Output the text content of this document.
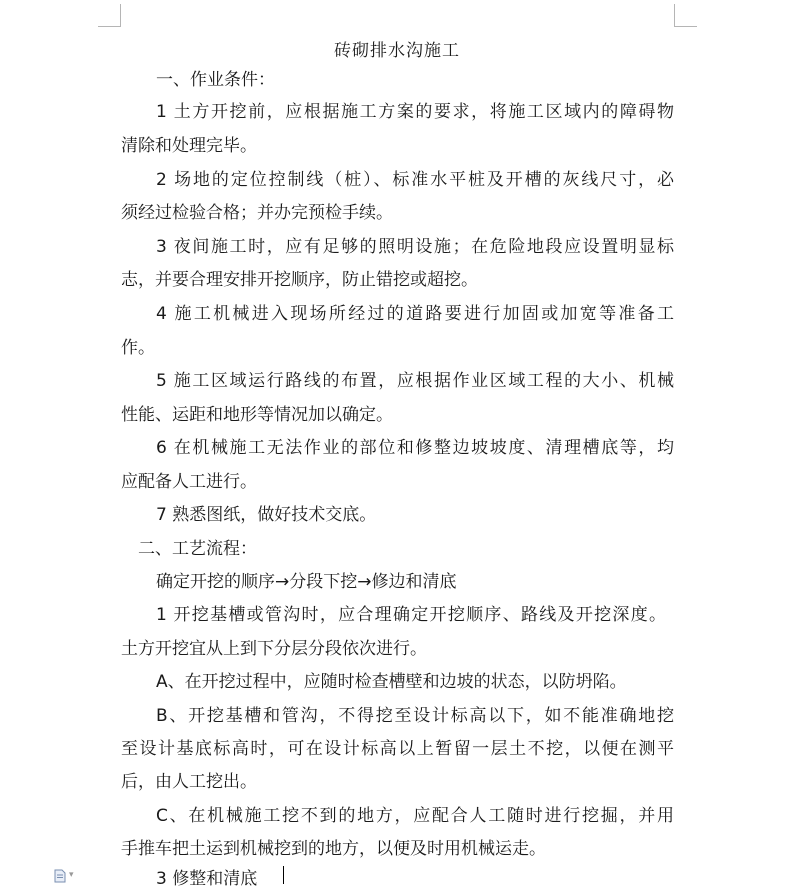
砖砌排水沟施工
一、作业条件：
1 土方开挖前，应根据施工方案的要求，将施工区域内的障碍物
清除和处理完毕。
2 场地的定位控制线（桩）、标准水平桩及开槽的灰线尺寸，必
须经过检验合格；并办完预检手续。
3 夜间施工时，应有足够的照明设施；在危险地段应设置明显标
志，并要合理安排开挖顺序，防止错挖或超挖。
4 施工机械进入现场所经过的道路要进行加固或加宽等准备工
作。
5 施工区域运行路线的布置，应根据作业区域工程的大小、机械
性能、运距和地形等情况加以确定。
6 在机械施工无法作业的部位和修整边坡坡度、清理槽底等，均
应配备人工进行。
7 熟悉图纸，做好技术交底。
二、工艺流程：
确定开挖的顺序→分段下挖→修边和清底
1 开挖基槽或管沟时，应合理确定开挖顺序、路线及开挖深度。
土方开挖宜从上到下分层分段依次进行。
A、在开挖过程中，应随时检查槽壁和边坡的状态，以防坍陷。
B、开挖基槽和管沟，不得挖至设计标高以下，如不能准确地挖
至设计基底标高时，可在设计标高以上暂留一层土不挖，以便在测平
后，由人工挖出。
C、在机械施工挖不到的地方，应配合人工随时进行挖掘，并用
手推车把土运到机械挖到的地方，以便及时用机械运走。
3 修整和清底
▾
